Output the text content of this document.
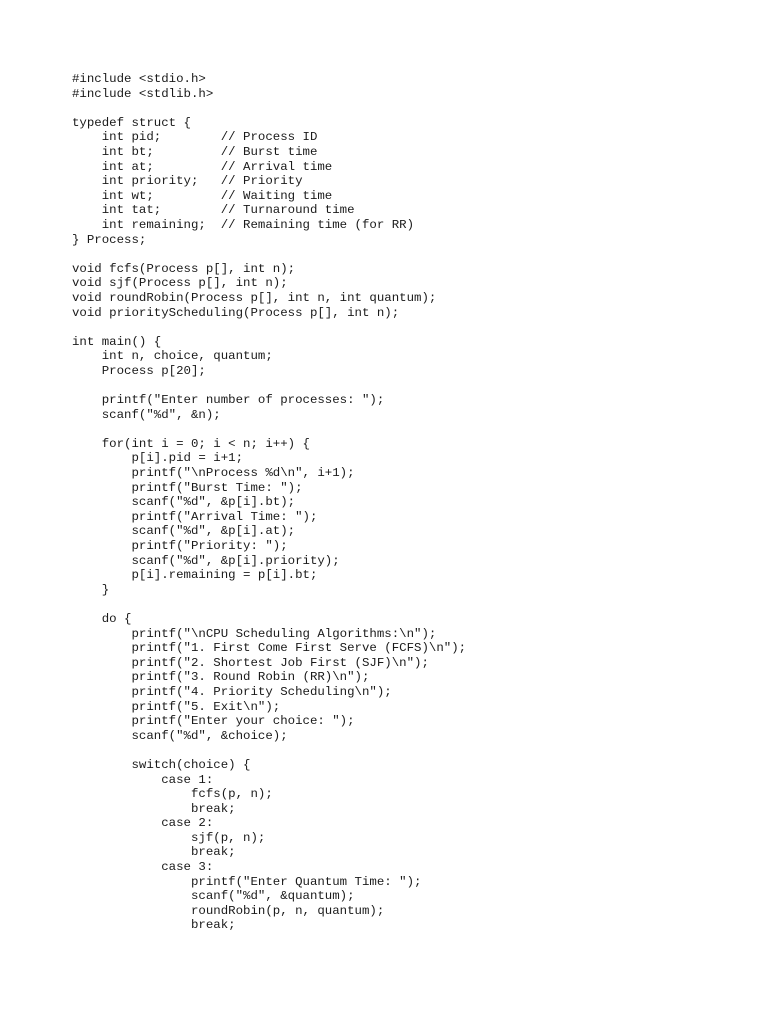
#include <stdio.h>
#include <stdlib.h>
typedef struct {
int pid;        // Process ID
int bt;         // Burst time
int at;         // Arrival time
int priority;   // Priority
int wt;         // Waiting time
int tat;        // Turnaround time
int remaining;  // Remaining time (for RR)
} Process;
void fcfs(Process p[], int n);
void sjf(Process p[], int n);
void roundRobin(Process p[], int n, int quantum);
void priorityScheduling(Process p[], int n);
int main() {
int n, choice, quantum;
Process p[20];
printf("Enter number of processes: ");
scanf("%d", &n);
for(int i = 0; i < n; i++) {
p[i].pid = i+1;
printf("\nProcess %d\n", i+1);
printf("Burst Time: ");
scanf("%d", &p[i].bt);
printf("Arrival Time: ");
scanf("%d", &p[i].at);
printf("Priority: ");
scanf("%d", &p[i].priority);
p[i].remaining = p[i].bt;
}
do {
printf("\nCPU Scheduling Algorithms:\n");
printf("1. First Come First Serve (FCFS)\n");
printf("2. Shortest Job First (SJF)\n");
printf("3. Round Robin (RR)\n");
printf("4. Priority Scheduling\n");
printf("5. Exit\n");
printf("Enter your choice: ");
scanf("%d", &choice);
switch(choice) {
case 1:
fcfs(p, n);
break;
case 2:
sjf(p, n);
break;
case 3:
printf("Enter Quantum Time: ");
scanf("%d", &quantum);
roundRobin(p, n, quantum);
break;
